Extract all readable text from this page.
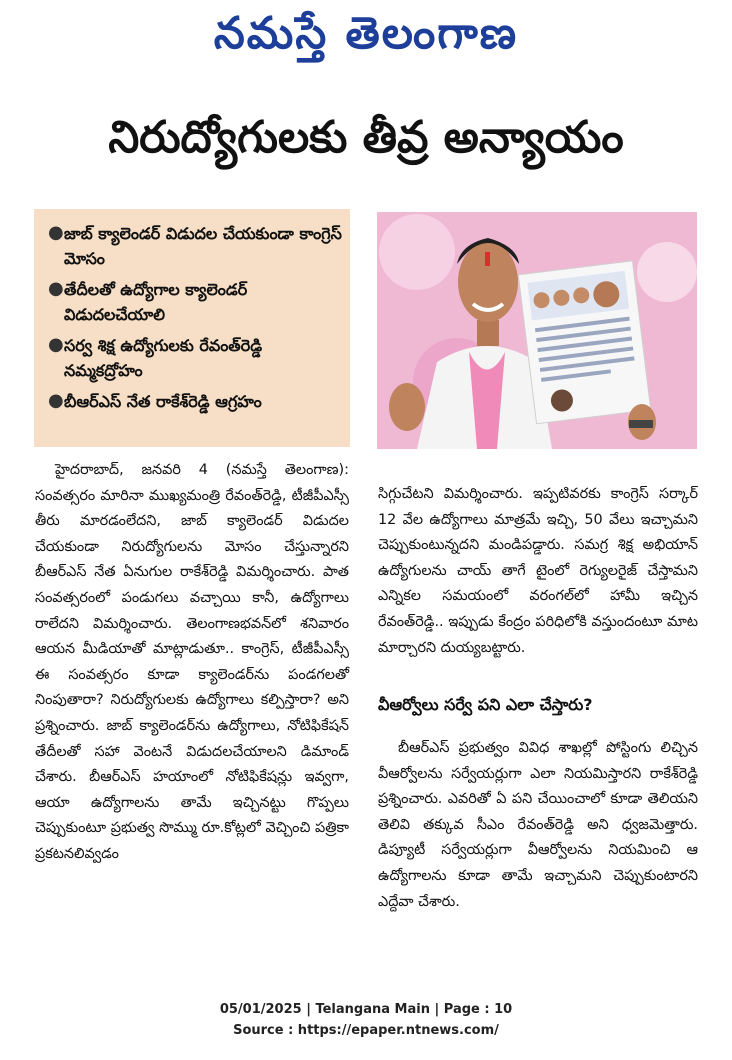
నమస్తే తెలంగాణ
నిరుద్యోగులకు తీవ్ర అన్యాయం
● జాబ్ క్యాలెండర్ విడుదల చేయకుండా కాంగ్రెస్ మోసం
● తేదీలతో ఉద్యోగాల క్యాలెండర్ విడుదలచేయాలి
● సర్వ శిక్ష ఉద్యోగులకు రేవంత్‌రెడ్డి నమ్మకద్రోహం
● బీఆర్ఎస్ నేత రాకేశ్‌రెడ్డి ఆగ్రహం

హైదరాబాద్, జనవరి 4 (నమస్తే తెలంగాణ): సంవత్సరం మారినా ముఖ్యమంత్రి రేవంత్‌రెడ్డి, టీజీపీఎస్సీ తీరు మారడంలేదని, జాబ్ క్యాలెండర్ విడుదల చేయకుండా నిరుద్యోగులను మోసం చేస్తున్నారని బీఆర్ఎస్ నేత ఏనుగుల రాకేశ్‌రెడ్డి విమర్శించారు. పాత సంవత్సరంలో పండుగలు వచ్చాయి కానీ, ఉద్యోగాలు రాలేదని విమర్శించారు. తెలంగాణభవన్‌లో శనివారం ఆయన మీడియాతో మాట్లాడుతూ.. కాంగ్రెస్, టీజీపీఎస్సీ ఈ సంవత్సరం కూడా క్యాలెండర్‌ను పండగలతో నింపుతారా? నిరుద్యోగులకు ఉద్యోగాలు కల్పిస్తారా? అని ప్రశ్నించారు. జాబ్ క్యాలెండర్‌ను ఉద్యోగాలు, నోటిఫికేషన్ తేదీలతో సహా వెంటనే విడుదలచేయాలని డిమాండ్ చేశారు. బీఆర్ఎస్ హయాంలో నోటిఫికేషన్లు ఇవ్వగా, ఆయా ఉద్యోగాలను తామే ఇచ్చినట్టు గొప్పలు చెప్పుకుంటూ ప్రభుత్వ సొమ్ము రూ.కోట్లలో వెచ్చించి పత్రికా ప్రకటనలివ్వడం

సిగ్గుచేటని విమర్శించారు. ఇప్పటివరకు కాంగ్రెస్ సర్కార్ 12 వేల ఉద్యోగాలు మాత్రమే ఇచ్చి, 50 వేలు ఇచ్చామని చెప్పుకుంటున్నదని మండిపడ్డారు. సమగ్ర శిక్ష అభియాన్ ఉద్యోగులను చాయ్ తాగే టైంలో రెగ్యులరైజ్ చేస్తామని ఎన్నికల సమయంలో వరంగల్‌లో హామీ ఇచ్చిన రేవంత్‌రెడ్డి.. ఇప్పుడు కేంద్రం పరిధిలోకి వస్తుందంటూ మాట మార్చారని దుయ్యబట్టారు.

వీఆర్వోలు సర్వే పని ఎలా చేస్తారు?

బీఆర్ఎస్ ప్రభుత్వం వివిధ శాఖల్లో పోస్టింగు లిచ్చిన వీఆర్వోలను సర్వేయర్లుగా ఎలా నియమిస్తారని రాకేశ్‌రెడ్డి ప్రశ్నించారు. ఎవరితో ఏ పని చేయించాలో కూడా తెలియని తెలివి తక్కువ సీఎం రేవంత్‌రెడ్డి అని ధ్వజమెత్తారు. డిప్యూటీ సర్వేయర్లుగా వీఆర్వోలను నియమించి ఆ ఉద్యోగాలను కూడా తామే ఇచ్చామని చెప్పుకుంటారని ఎద్దేవా చేశారు.

05/01/2025 | Telangana Main | Page : 10
Source : https://epaper.ntnews.com/
